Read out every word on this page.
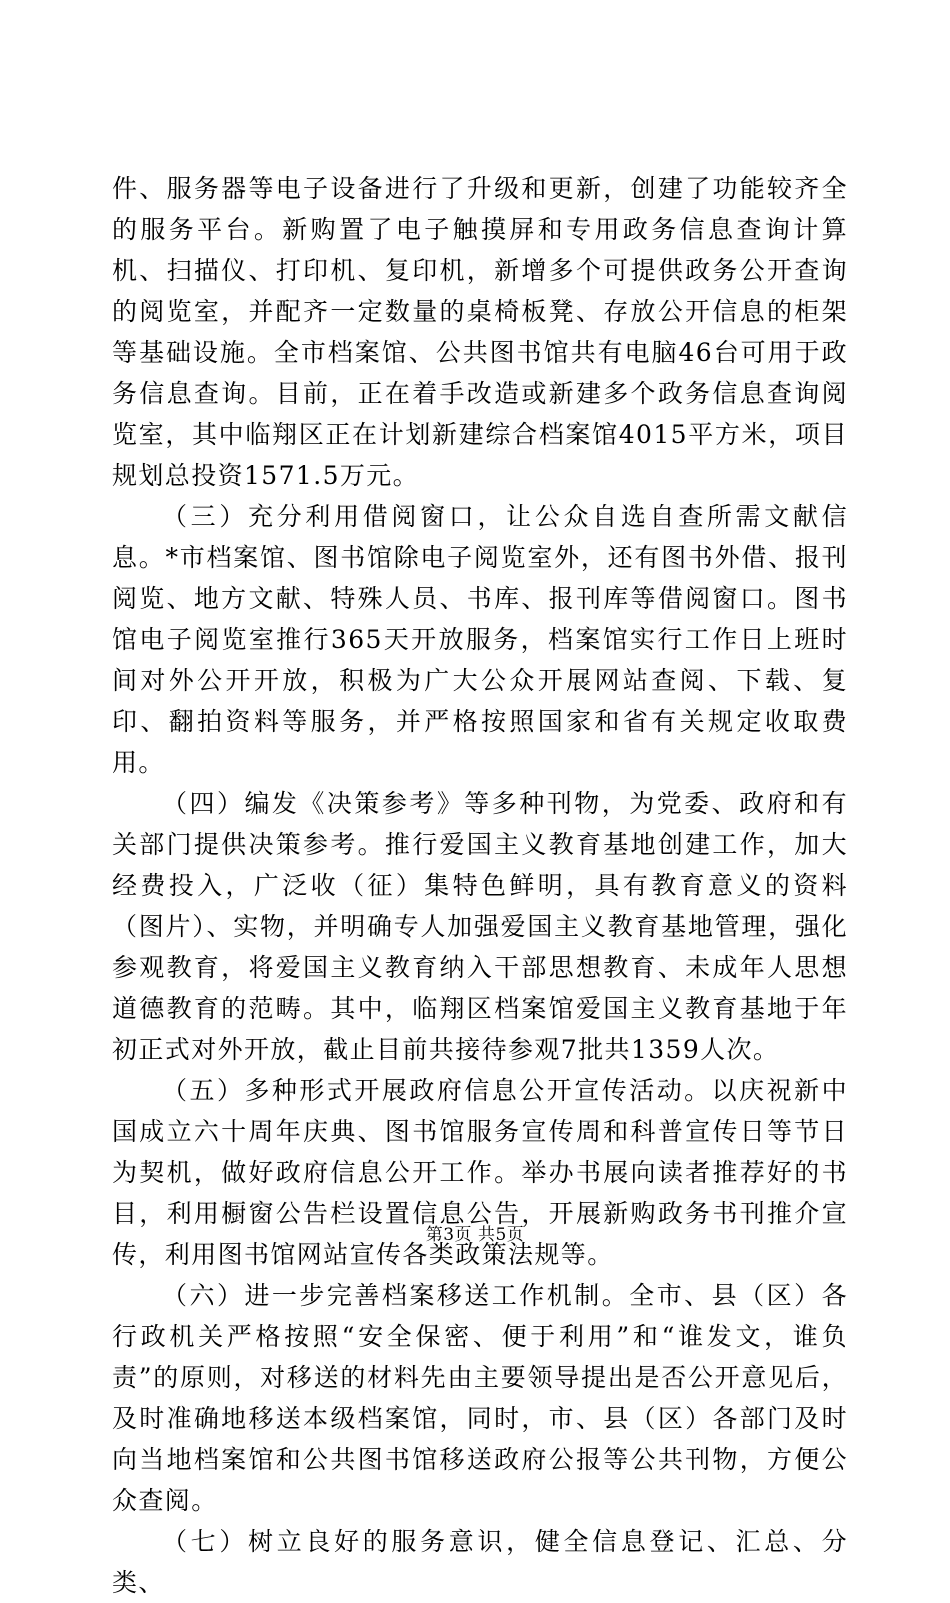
件、服务器等电子设备进行了升级和更新，创建了功能较齐全的服务平台。新购置了电子触摸屏和专用政务信息查询计算机、扫描仪、打印机、复印机，新增多个可提供政务公开查询的阅览室，并配齐一定数量的桌椅板凳、存放公开信息的柜架等基础设施。全市档案馆、公共图书馆共有电脑46台可用于政务信息查询。目前，正在着手改造或新建多个政务信息查询阅览室，其中临翔区正在计划新建综合档案馆4015平方米，项目规划总投资1571.5万元。

（三）充分利用借阅窗口，让公众自选自查所需文献信息。*市档案馆、图书馆除电子阅览室外，还有图书外借、报刊阅览、地方文献、特殊人员、书库、报刊库等借阅窗口。图书馆电子阅览室推行365天开放服务，档案馆实行工作日上班时间对外公开开放，积极为广大公众开展网站查阅、下载、复印、翻拍资料等服务，并严格按照国家和省有关规定收取费用。

（四）编发《决策参考》等多种刊物，为党委、政府和有关部门提供决策参考。推行爱国主义教育基地创建工作，加大经费投入，广泛收（征）集特色鲜明，具有教育意义的资料（图片）、实物，并明确专人加强爱国主义教育基地管理，强化参观教育，将爱国主义教育纳入干部思想教育、未成年人思想道德教育的范畴。其中，临翔区档案馆爱国主义教育基地于年初正式对外开放，截止目前共接待参观7批共1359人次。

（五）多种形式开展政府信息公开宣传活动。以庆祝新中国成立六十周年庆典、图书馆服务宣传周和科普宣传日等节日为契机，做好政府信息公开工作。举办书展向读者推荐好的书目，利用橱窗公告栏设置信息公告，开展新购政务书刊推介宣传，利用图书馆网站宣传各类政策法规等。

（六）进一步完善档案移送工作机制。全市、县（区）各行政机关严格按照“安全保密、便于利用”和“谁发文，谁负责”的原则，对移送的材料先由主要领导提出是否公开意见后，及时准确地移送本级档案馆，同时，市、县（区）各部门及时向当地档案馆和公共图书馆移送政府公报等公共刊物，方便公众查阅。

（七）树立良好的服务意识，健全信息登记、汇总、分类、

第3页 共5页
